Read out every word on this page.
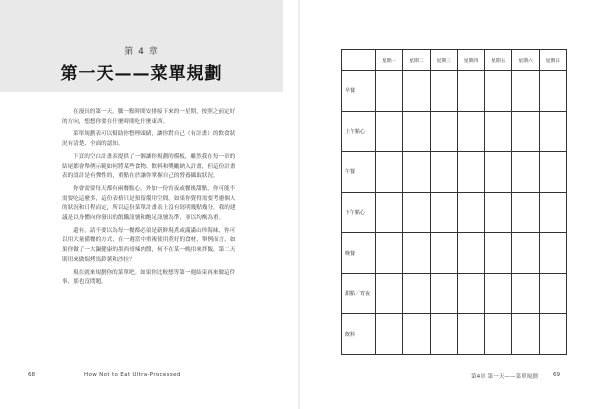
第 4 章
第一天——菜單規劃

在漫長的第一天，騰一點時間安排接下來的一星期，按照之前定好的方向，想想你要在什麼時間吃什麼東西。

菜單規劃表可以幫助你整理頭緒，讓你對自己（有計畫）的飲食狀況有清楚、全面的認知。

下頁的空白計畫表提供了一個讓你規劃的模板，雖然我在每一章的結尾都會舉例示範如何將某些食物、飲料和獎勵納入計畫，但這份計畫表的設計是有彈性的，重點在於讓你掌握自己的營養攝取狀況。

你會需要每天都有兩餐點心，外加一份宵夜或餐後甜點，你可能不需要吃這麼多，這份表格只是預留備用空間。如果你覺得需要考慮個人的狀況和日程而定，所以這份菜單計畫表上沒有寫明幾點幾分，我的建議是以身體向你發出的飢餓訊號和飽足訊號為準，並以均衡為重。

還有，請不要以為每一餐都必須是新鮮現煮或滿滿山珍海味，你可以用大量備餐的方式，在一週當中重複使用煮好的食材，舉例而言，如果你做了一大鍋健康的墨西哥辣肉醬，何不在某一晚用來拌飯，第二天則用來做焗烤馬鈴薯和沙拉？

現在就來規劃你的菜單吧。如果你比較想等第一週結束再來做這件事，那也沒問題。

68	How Not to Eat Ultra-Processed
	星期一	星期二	星期三	星期四	星期五	星期六	星期日
早餐							
上午點心							
午餐							
下午點心							
晚餐							
甜點／宵夜							
飲料							
第4章 第一天——菜單規劃	69
